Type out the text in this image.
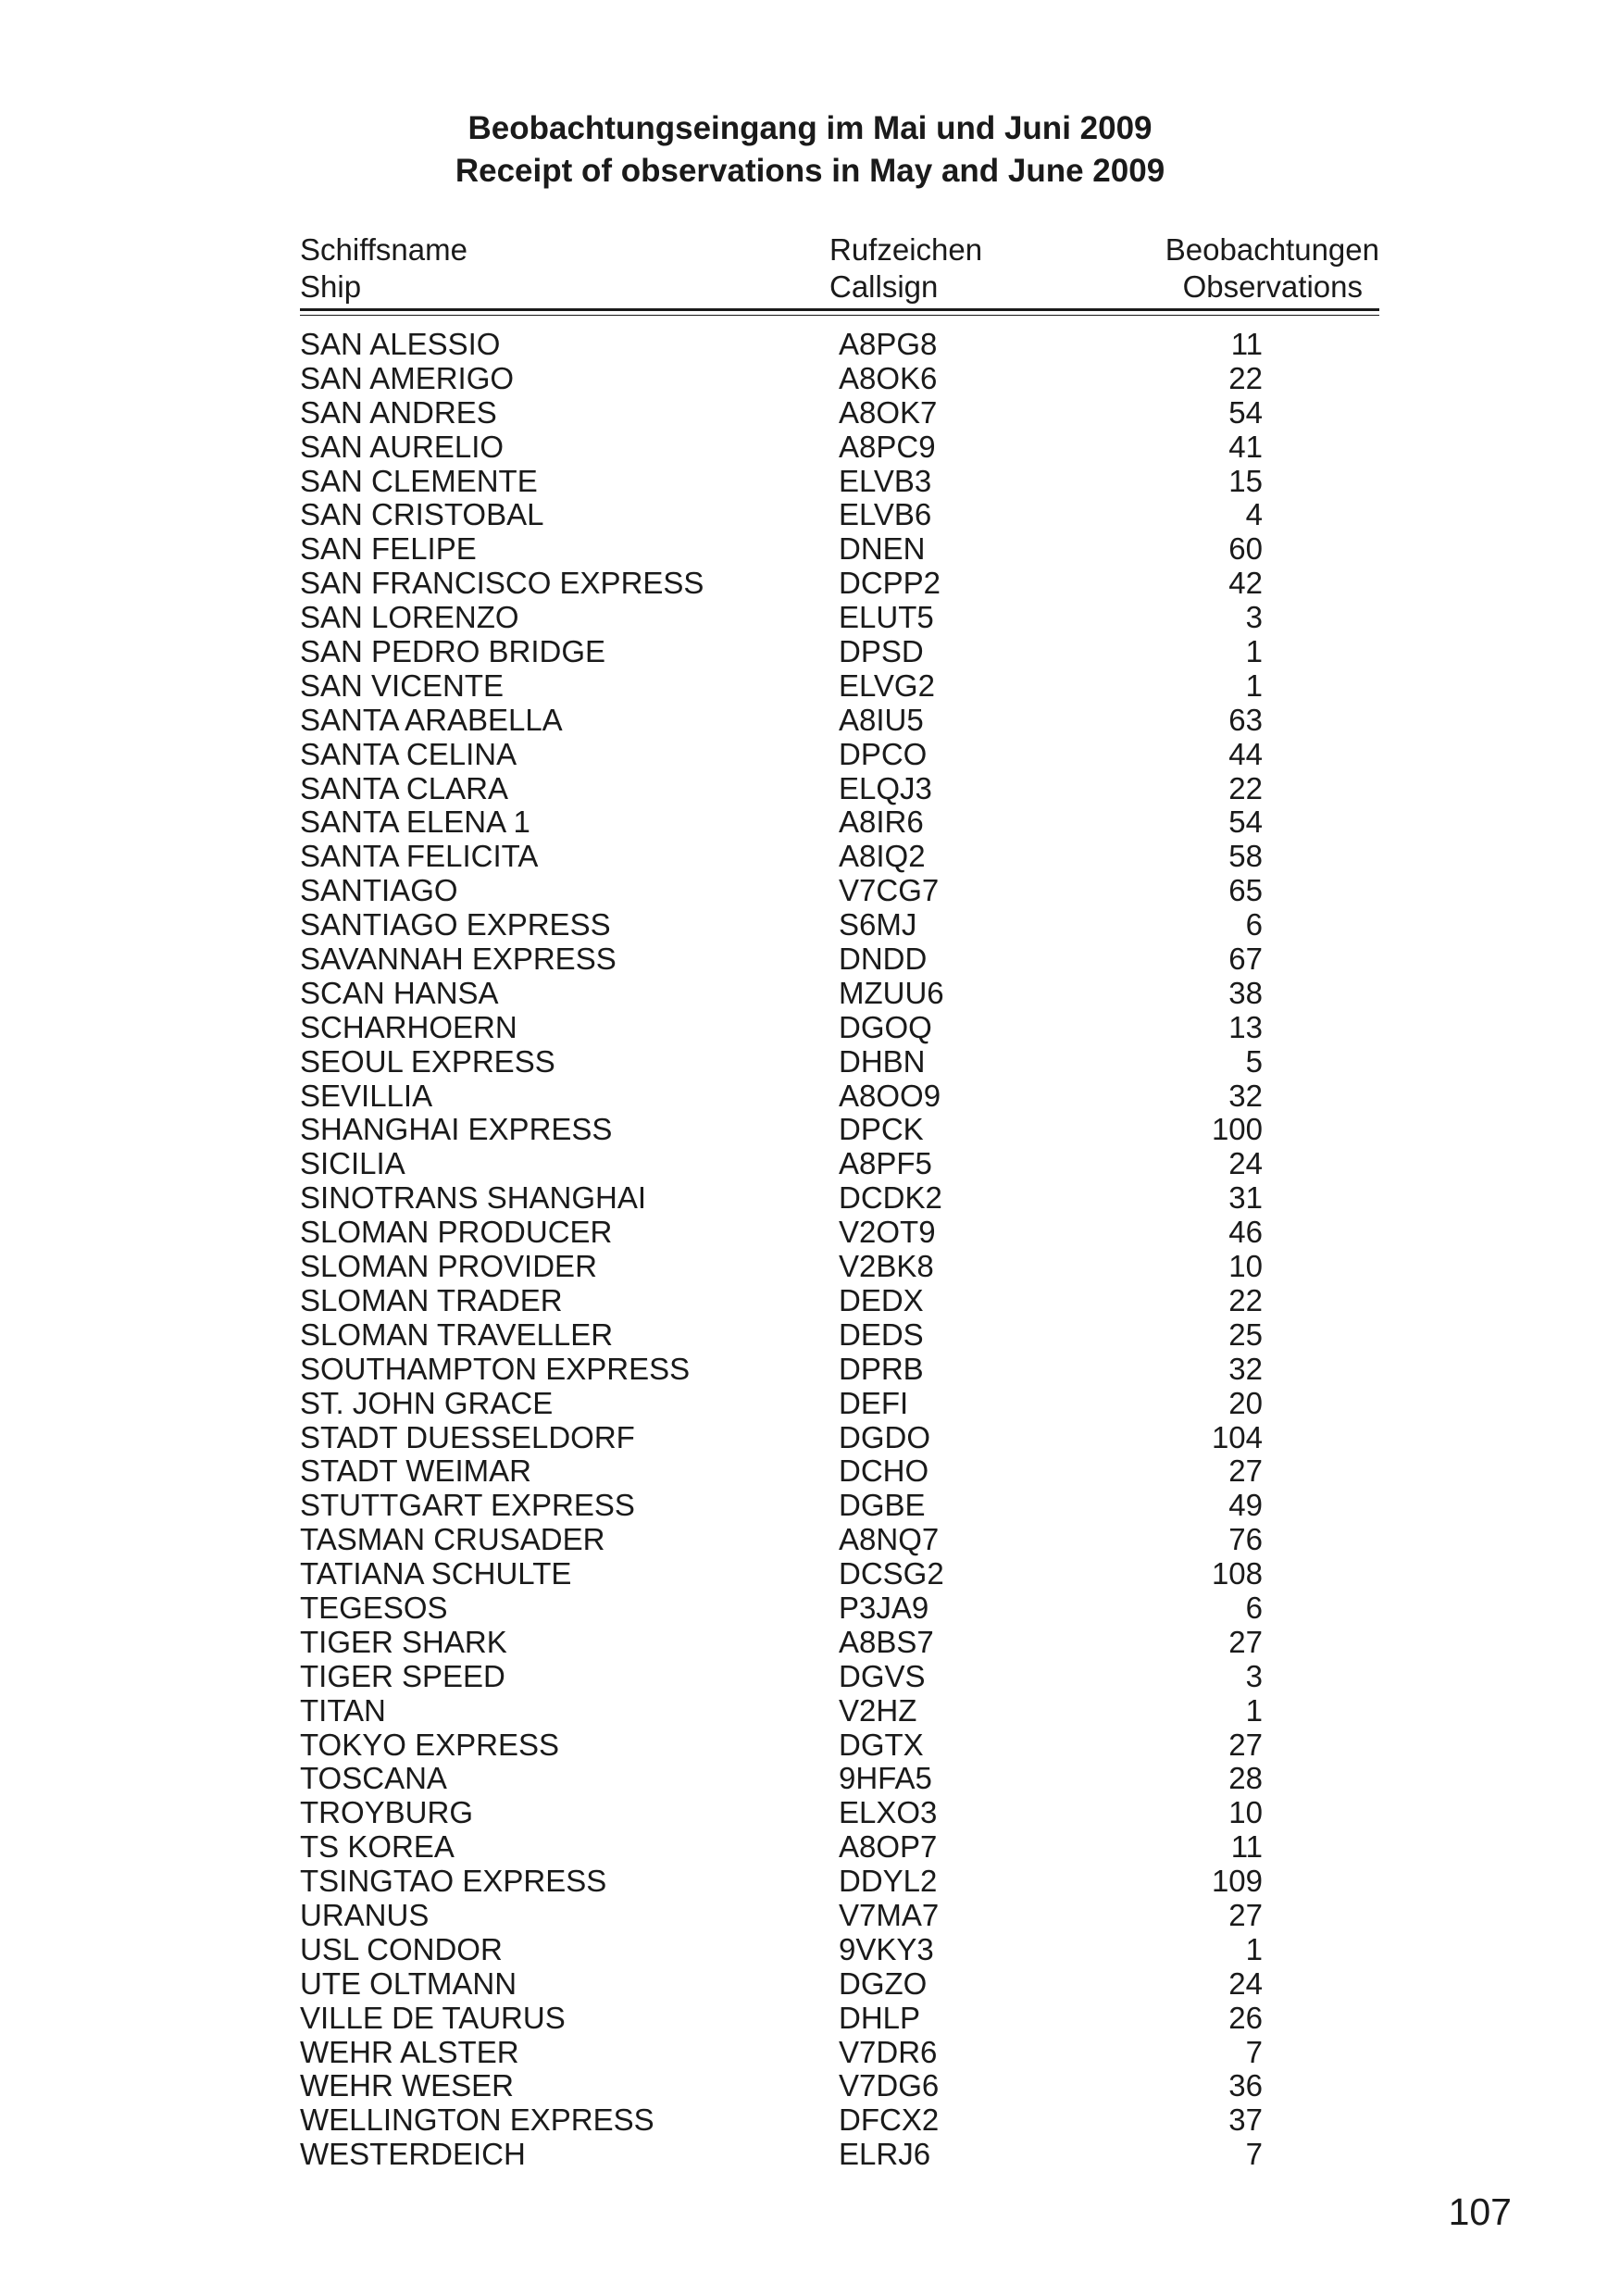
Beobachtungseingang im Mai und Juni 2009
Receipt of observations in May and June 2009
Schiffsname
Ship
Rufzeichen
Callsign
Beobachtungen
Observations
SAN ALESSIO	A8PG8	11
SAN AMERIGO	A8OK6	22
SAN ANDRES	A8OK7	54
SAN AURELIO	A8PC9	41
SAN CLEMENTE	ELVB3	15
SAN CRISTOBAL	ELVB6	4
SAN FELIPE	DNEN	60
SAN FRANCISCO EXPRESS	DCPP2	42
SAN LORENZO	ELUT5	3
SAN PEDRO BRIDGE	DPSD	1
SAN VICENTE	ELVG2	1
SANTA ARABELLA	A8IU5	63
SANTA CELINA	DPCO	44
SANTA CLARA	ELQJ3	22
SANTA ELENA 1	A8IR6	54
SANTA FELICITA	A8IQ2	58
SANTIAGO	V7CG7	65
SANTIAGO EXPRESS	S6MJ	6
SAVANNAH EXPRESS	DNDD	67
SCAN HANSA	MZUU6	38
SCHARHOERN	DGOQ	13
SEOUL EXPRESS	DHBN	5
SEVILLIA	A8OO9	32
SHANGHAI EXPRESS	DPCK	100
SICILIA	A8PF5	24
SINOTRANS SHANGHAI	DCDK2	31
SLOMAN PRODUCER	V2OT9	46
SLOMAN PROVIDER	V2BK8	10
SLOMAN TRADER	DEDX	22
SLOMAN TRAVELLER	DEDS	25
SOUTHAMPTON EXPRESS	DPRB	32
ST. JOHN GRACE	DEFI	20
STADT DUESSELDORF	DGDO	104
STADT WEIMAR	DCHO	27
STUTTGART EXPRESS	DGBE	49
TASMAN CRUSADER	A8NQ7	76
TATIANA SCHULTE	DCSG2	108
TEGESOS	P3JA9	6
TIGER SHARK	A8BS7	27
TIGER SPEED	DGVS	3
TITAN	V2HZ	1
TOKYO EXPRESS	DGTX	27
TOSCANA	9HFA5	28
TROYBURG	ELXO3	10
TS KOREA	A8OP7	11
TSINGTAO EXPRESS	DDYL2	109
URANUS	V7MA7	27
USL CONDOR	9VKY3	1
UTE OLTMANN	DGZO	24
VILLE DE TAURUS	DHLP	26
WEHR ALSTER	V7DR6	7
WEHR WESER	V7DG6	36
WELLINGTON EXPRESS	DFCX2	37
WESTERDEICH	ELRJ6	7
107
